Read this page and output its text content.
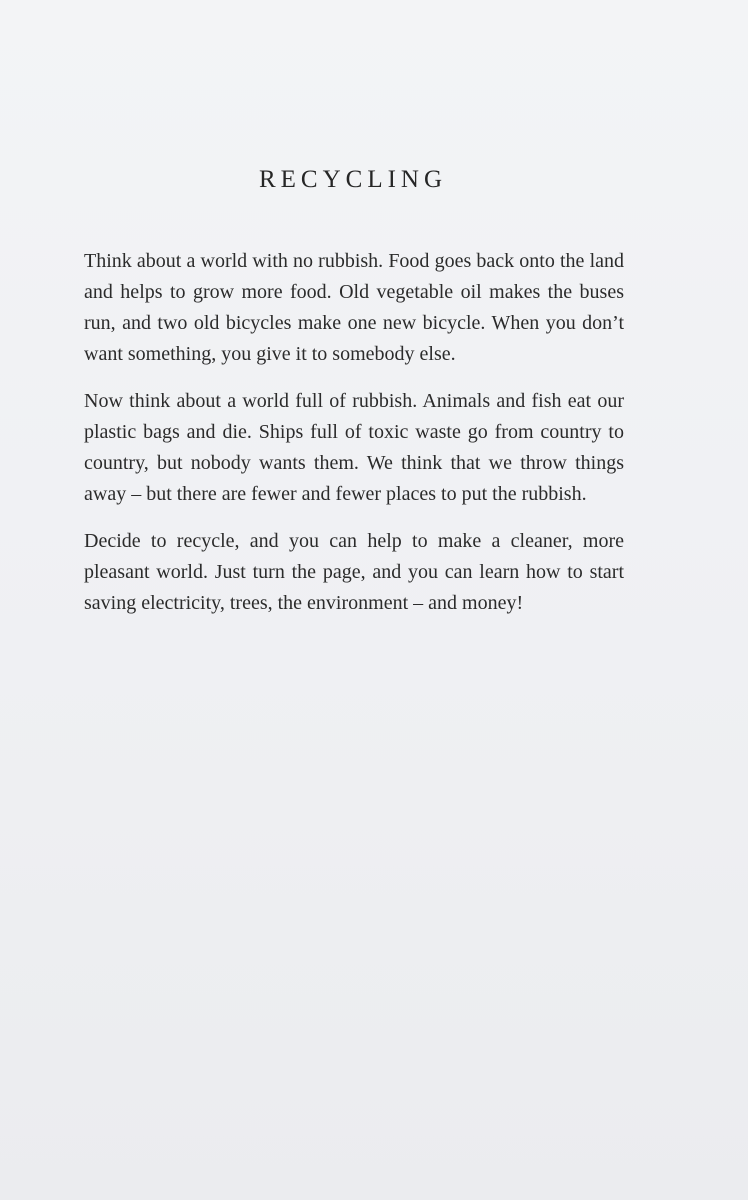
RECYCLING

Think about a world with no rubbish. Food goes back onto the land and helps to grow more food. Old vegetable oil makes the buses run, and two old bicycles make one new bicycle. When you don’t want something, you give it to somebody else.

Now think about a world full of rubbish. Animals and fish eat our plastic bags and die. Ships full of toxic waste go from country to country, but nobody wants them. We think that we throw things away – but there are fewer and fewer places to put the rubbish.

Decide to recycle, and you can help to make a cleaner, more pleasant world. Just turn the page, and you can learn how to start saving electricity, trees, the environment – and money!
